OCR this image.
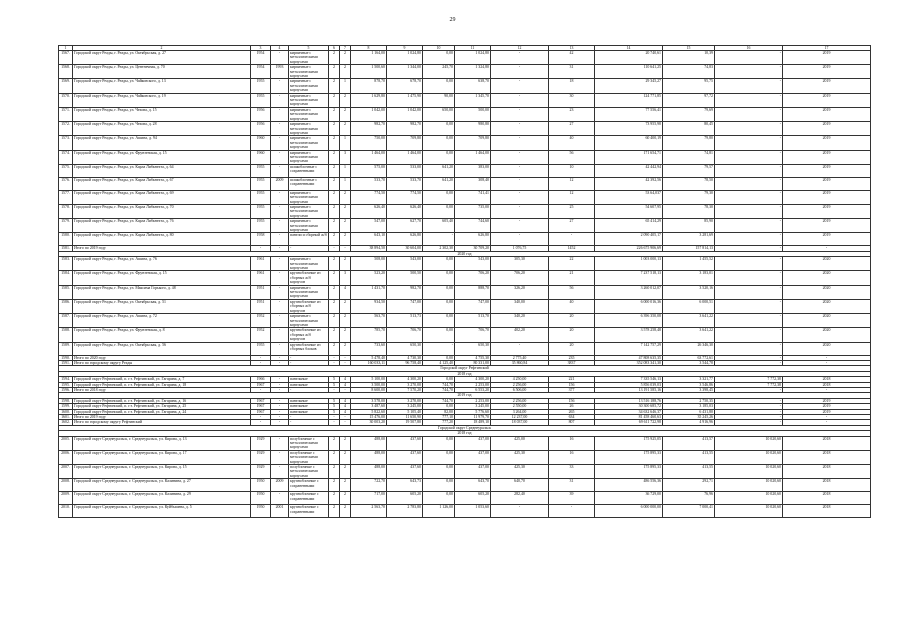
29
1	2	3	4	5	6	7	8	9	10	11	12	13	14	15	16	17
1567.	Городской округ Реады, г. Реады, ул. Октябрьская, д. 27	1954	-	кирпичные с металлическими корпусами	2	2	1 164,00	1 024,80	0,00	1 024,80	-	42	20 740,61	10,39	-	2019
1568.	Городской округ Реады, г. Реады, ул. Центнечная, д. 70	1954	1993	кирпичные с металлическими корпусами	2	2	1 500,60	1 344,00	245,70	1 324,80	-	31	110 641,25	74,83	-	2019
1569.	Городской округ Реады, г. Реады, ул. Чайковского, д. 13	1955	-	кирпичные с металлическими корпусами	2	1	878,70	678,70	0,00	638,70	-	18	29 345,27	95,75	-	2019
1570.	Городской округ Реады, г. Реады, ул. Чайковского, д. 19	1955	-	кирпичные с металлическими корпусами	2	2	1 629,80	1 475,90	90,00	1 345,70	-	30	124 771,85	97,72	-	2019
1571.	Городской округ Реады, г. Реады, ул. Чехова, д. 15	1956	-	кирпичные с металлическими корпусами	2	2	1 042,00	1 042,00	650,00	500,00	-	23	77 556,41	79,69	-	2019
1572.	Городской округ Реады, г. Реады, ул. Чехова, д. 28	1956	-	кирпичные с металлическими корпусами	2	2	982,70	982,70	0,00	980,80	-	27	73 955,98	80,45	-	2019
1573.	Городской округ Реады, г. Реады, ул. Ашина, д. 94	1960	-	кирпичные с металлическими корпусами	2	1	750,00	709,80	0,00	709,80	-	40	60 400,19	79,80	-	2019
1574.	Городской округ Реады, г. Реады, ул. Фрунзенская, д. 15	1960	-	кирпичные с металлическими корпусами	2	3	1 464,00	1 464,00	0,00	1 464,00	-	56	171 654,71	74,81	-	2019
1575.	Городской округ Реады, г. Реады, ул. Карла Либкнехта, д. 64	1955	-	шлакоблочные с сохраненными	2	1	575,00	533,00	641,20	383,00	-	10	42 442,94	79,57	-	2019
1576.	Городской округ Реады, г. Реады, ул. Карла Либкнехта, д. 67	1955	2009	шлакоблочные с сохраненными	2	1	533,70	533,70	641,20	308,40	-	12	42 392,56	78,50	-	2019
1577.	Городской округ Реады, г. Реады, ул. Карла Либкнехта, д. 69	1955	-	кирпичные с металлическими корпусами	2	2	774,50	774,50	0,00	741,41	-	12	53 64,037	79,30	-	2019
1578.	Городской округ Реады, г. Реады, ул. Карла Либкнехта, д. 70	1955	-	кирпичные с металлическими корпусами	2	2	626,40	626,40	0,00	735,00	-	25	54 607,95	78,30	-	2019
1579.	Городской округ Реады, г. Реады, ул. Карла Либкнехта, д. 76	1955	-	кирпичные с металлическими корпусами	2	2	547,00	627,70	605,40	744,60	-	27	65 414,29	85,90	-	2019
1580.	Городской округ Реады, г. Реады, ул. Карла Либкнехта, д. 80	1958	-	панели и сборный ж/б	2	2	643,10	626,80	-	626,80	-	-	2 090 405,17	3 281,69	-	2019
1581.	Итого по 2019 году	-	-	-	-	-	38 894,50	30 604,00	2 302,30	30 709,20	1 076,75	1452	226 675 906,69	157 814,13	-	-
2020 год																
1583.	Городской округ Реады, г. Реады, ул. Ашина, д. 76	1961	-	кирпичные с металлическими корпусами	2	2	508,00	543,00	0,00	543,00	305,30	22	1 003 000,13	1 455,52	-	2020
1584.	Городской округ Реады, г. Реады, ул. Фрунзенская, д. 15	1961	-	крупноблочные из сборных ж/б корпусов	2	3	523,20	500,50	0,00	706,20	706,20	21	7 237 518,13	3 183,01	-	2020
1585.	Городской округ Реады, г. Реады, ул. Максима Горького, д. 48	1951	-	кирпичные с металлическими корпусами	2	4	1 431,70	982,70	0,00	888,70	326,20	56	3 260 012,07	3 520,16	-	2020
1586.	Городской округ Реады, г. Реады, ул. Октябрьская, д. 51	1951	-	крупноблочные из сборных ж/б корпусов	2	2	934,50	747,00	0,00	747,00	340,00	40	6 000 016,36	6 000,51	-	2020
1587.	Городской округ Реады, г. Реады, ул. Ашина, д. 72	1952	-	кирпичные с металлическими корпусами	2	2	563,70	513,73	0,00	513,70	340,20	20	6 396 350,08	3 641,22	-	2020
1588.	Городской округ Реады, г. Реады, ул. Фрунзенская, д. 8	1952	-	крупноблочные из сборных ж/б корпусов	2	2	785,70	706,70	0,00	706,70	402,20	20	3 578 258,48	3 641,22	-	2020
1589.	Городской округ Реады, г. Реады, ул. Октябрьская, д. 56	1955	-	крупноблочные из сборных блоков	2	2	733,60	650,30	-	650,30	-	20	7 142 757,29	26 346,30	-	2020
1590.	Итого по 2020 году	-	-	-	-	-	5 478,40	4 730,30	0,00	4 755,30	2 775,40	235	47 808 635,35	63 772,61	-	-
1591.	Итого по городскому округу Реады	-	-	-	-	-	160 033,11	96 758,40	4 125,40	80 331,00	35 860,84	3837	352 083 341,30	3 544,78	-	-
Городской округ Рефтинский																
2018 год																
1594.	Городской округ Рефтинский, п. г.т. Рефтинский, ул. Гагарина, д. 7	1966	-	панельные	5	4	5 100,00	4 300,20	0,00	4 300,20	4 250,00	221	7 335 546,13	3 321,77	7 772,38	2018
1595.	Городской округ Рефтинский, п. г.т. Рефтинский, ул. Гагарина, д. 18	1967	-	панельные	5	4	3 500,00	3 270,00	744,70	2 253,00	2 256,00	156	5 856 039,03	3 546,86	7 772,38	2018
1596.	Итого по 2018 году	-	-	-	-	-	8 600,00	7 570,20	744,70	6 553,20	6 506,00	377	13 191 585,16	3 398,45	-	-
2019 год																
1598.	Городской округ Рефтинский, п. г.т. Рефтинский, ул. Гагарина, д. 16	1967	-	панельные	5	4	3 578,00	3 270,00	744,70	2 253,00	2 256,00	156	13 516 188,76	2 750,35	-	2019
1599.	Городской округ Рефтинский, п. г.т. Рефтинский, ул. Гагарина, д. 25	1967	-	панельные	5	4	3 487,60	3 245,00	0,00	3 245,00	2 550,00	26	30 300 685,72	3 185,03	-	2019
1600.	Городской округ Рефтинский, п. г.т. Рефтинский, ул. Гагарина, д. 24	1967	-	панельные	5	4	5 822,60	5 105,40	82,00	5 776,60	3 264,00	265	34 632 646,37	6 431,80	-	2019
1601.	Итого по 2019 году	-	-	-	-	-	15 476,00	11 650,90	777,10	11 979,70	12 237,00	634	81 458 460,63	35 245,26	-	-
1602.	Итого по городскому округу Рефтинский	-	-	-	-	-	30 003,20	19 507,80	777,20	18 489,10	18 037,00	807	69 611 722,98	4 916,96	-	-
Городской округ Среднеуральск																
2018 год																
2005.	Городской округ Среднеуральск, г. Среднеуральск, ул. Кирова, д. 13	1929	-	полублочные с металлическими корпусами	2	2	488,00	437,60	0,00	437,00	425,00	16	175 925,05	413,57	10 020,60	2018
2006.	Городской округ Среднеуральск, г. Среднеуральск, ул. Кирова, д. 17	1929	-	полублочные с металлическими корпусами	2	2	488,00	437,60	0,00	437,00	425,30	16	175 895,33	413,55	10 020,60	2018
2007.	Городской округ Среднеуральск, г. Среднеуральск, ул. Кирова, д. 15	1929	-	полублочные с металлическими корпусами	2	2	488,00	437,60	0,00	437,00	425,30	33	175 895,33	413,55	10 020,60	2018
2008.	Городской округ Среднеуральск, г. Среднеуральск, ул. Калинина, д. 27	1950	2009	крупноблочные с сохраненными	2	2	722,70	643,73	0,00	643,70	640,70	31	486 556,36	292,71	10 020,60	2018
2009.	Городской округ Среднеуральск, г. Среднеуральск, ул. Калинина, д. 29	1950	-	крупноблочные с сохраненными	2	2	717,00	605,20	0,00	605,20	282,40	39	36 729,00	76,96	10 020,60	2018
2010.	Городской округ Среднеуральск, г. Среднеуральск, ул. Куйбышева, д. 5	1950	2001	крупноблочные с сохраненными	2	2	2 563,70	2 783,80	1 126,00	1 053,60	-	-	6 000 000,00	7 000,41	10 020,60	2018
